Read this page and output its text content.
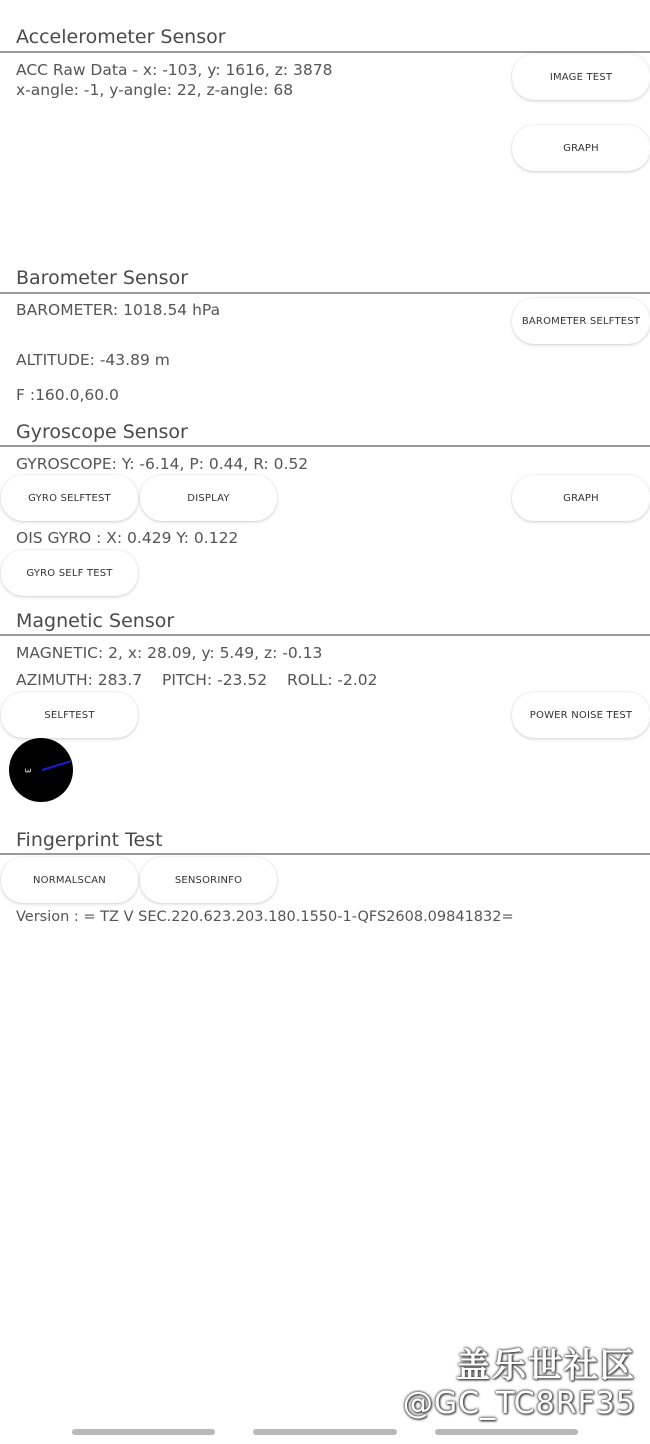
Accelerometer Sensor
ACC Raw Data - x: -103, y: 1616, z: 3878
x-angle: -1, y-angle: 22, z-angle: 68
IMAGE TEST
GRAPH
Barometer Sensor
BAROMETER: 1018.54 hPa
BAROMETER SELFTEST
ALTITUDE: -43.89 m
F :160.0,60.0
Gyroscope Sensor
GYROSCOPE: Y: -6.14, P: 0.44, R: 0.52
GYRO SELFTEST	DISPLAY	GRAPH
OIS GYRO : X: 0.429 Y: 0.122
GYRO SELF TEST
Magnetic Sensor
MAGNETIC: 2, x: 28.09, y: 5.49, z: -0.13
AZIMUTH: 283.7 PITCH: -23.52 ROLL: -2.02
SELFTEST	POWER NOISE TEST
3
Fingerprint Test
NORMALSCAN	SENSORINFO
Version : = TZ V SEC.220.623.203.180.1550-1-QFS2608.09841832=
盖乐世社区
@GC_TC8RF35
